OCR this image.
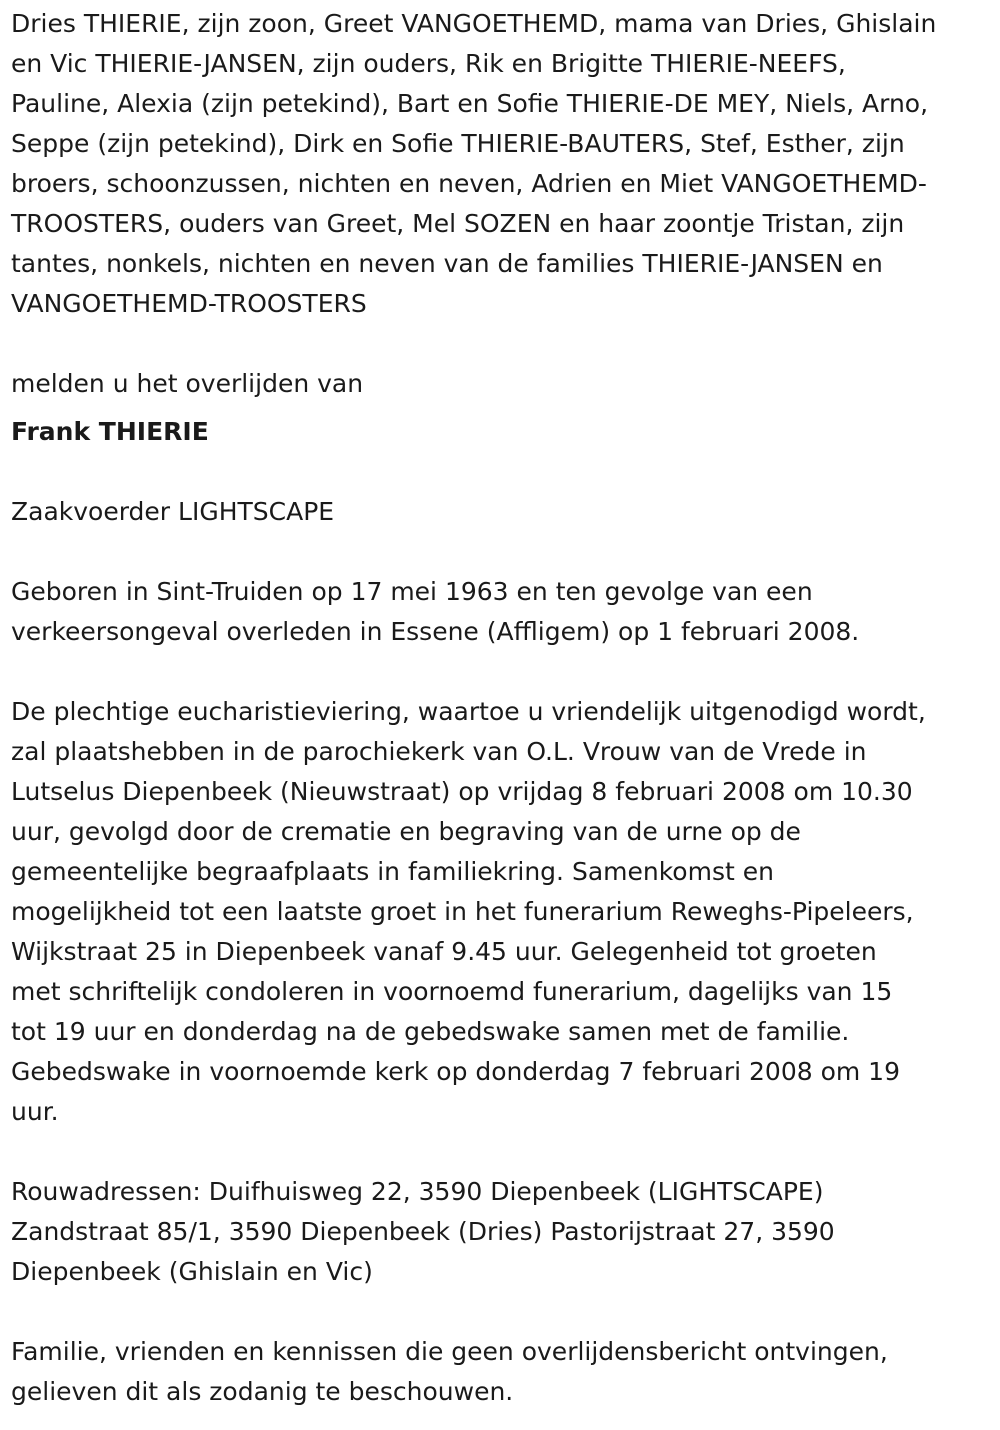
Dries THIERIE, zijn zoon, Greet VANGOETHEMD, mama van Dries, Ghislain
en Vic THIERIE-JANSEN, zijn ouders, Rik en Brigitte THIERIE-NEEFS,
Pauline, Alexia (zijn petekind), Bart en Sofie THIERIE-DE MEY, Niels, Arno,
Seppe (zijn petekind), Dirk en Sofie THIERIE-BAUTERS, Stef, Esther, zijn
broers, schoonzussen, nichten en neven, Adrien en Miet VANGOETHEMD-
TROOSTERS, ouders van Greet, Mel SOZEN en haar zoontje Tristan, zijn
tantes, nonkels, nichten en neven van de families THIERIE-JANSEN en
VANGOETHEMD-TROOSTERS

melden u het overlijden van

Frank THIERIE

Zaakvoerder LIGHTSCAPE

Geboren in Sint-Truiden op 17 mei 1963 en ten gevolge van een
verkeersongeval overleden in Essene (Affligem) op 1 februari 2008.

De plechtige eucharistieviering, waartoe u vriendelijk uitgenodigd wordt,
zal plaatshebben in de parochiekerk van O.L. Vrouw van de Vrede in
Lutselus Diepenbeek (Nieuwstraat) op vrijdag 8 februari 2008 om 10.30
uur, gevolgd door de crematie en begraving van de urne op de
gemeentelijke begraafplaats in familiekring. Samenkomst en
mogelijkheid tot een laatste groet in het funerarium Reweghs-Pipeleers,
Wijkstraat 25 in Diepenbeek vanaf 9.45 uur. Gelegenheid tot groeten
met schriftelijk condoleren in voornoemd funerarium, dagelijks van 15
tot 19 uur en donderdag na de gebedswake samen met de familie.
Gebedswake in voornoemde kerk op donderdag 7 februari 2008 om 19
uur.

Rouwadressen: Duifhuisweg 22, 3590 Diepenbeek (LIGHTSCAPE)
Zandstraat 85/1, 3590 Diepenbeek (Dries) Pastorijstraat 27, 3590
Diepenbeek (Ghislain en Vic)

Familie, vrienden en kennissen die geen overlijdensbericht ontvingen,
gelieven dit als zodanig te beschouwen.
